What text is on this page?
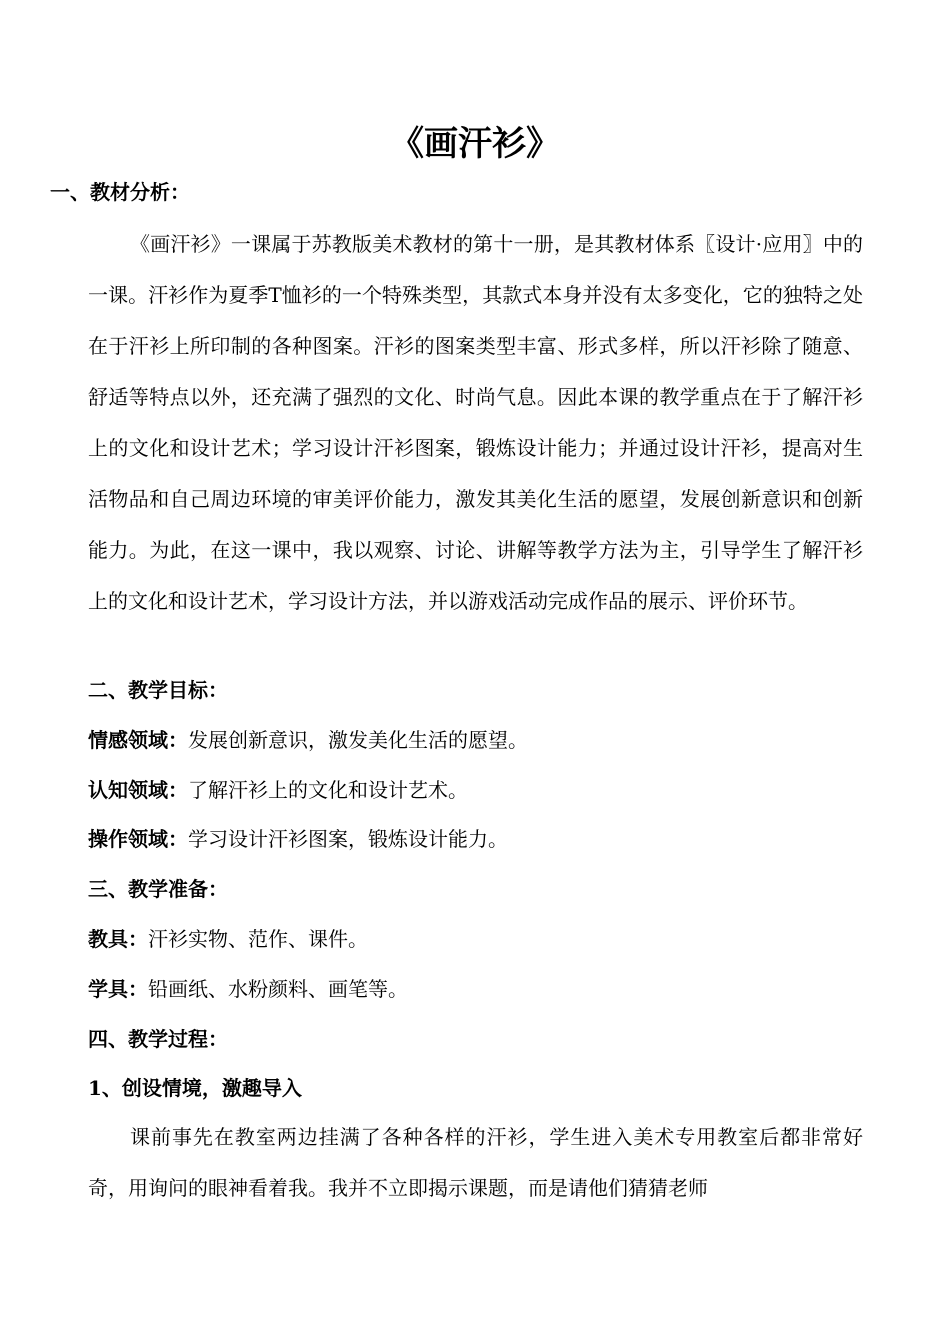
《画汗衫》
一、教材分析：

《画汗衫》一课属于苏教版美术教材的第十一册，是其教材体系〖设计·应用〗中的一课。汗衫作为夏季T恤衫的一个特殊类型，其款式本身并没有太多变化，它的独特之处在于汗衫上所印制的各种图案。汗衫的图案类型丰富、形式多样，所以汗衫除了随意、舒适等特点以外，还充满了强烈的文化、时尚气息。因此本课的教学重点在于了解汗衫上的文化和设计艺术；学习设计汗衫图案，锻炼设计能力；并通过设计汗衫，提高对生活物品和自己周边环境的审美评价能力，激发其美化生活的愿望，发展创新意识和创新能力。为此，在这一课中，我以观察、讨论、讲解等教学方法为主，引导学生了解汗衫上的文化和设计艺术，学习设计方法，并以游戏活动完成作品的展示、评价环节。

二、教学目标：
情感领域：发展创新意识，激发美化生活的愿望。
认知领域：了解汗衫上的文化和设计艺术。
操作领域：学习设计汗衫图案，锻炼设计能力。
三、教学准备：
教具：汗衫实物、范作、课件。
学具：铅画纸、水粉颜料、画笔等。
四、教学过程：
1、创设情境，激趣导入

课前事先在教室两边挂满了各种各样的汗衫，学生进入美术专用教室后都非常好奇，用询问的眼神看着我。我并不立即揭示课题，而是请他们猜猜老师
